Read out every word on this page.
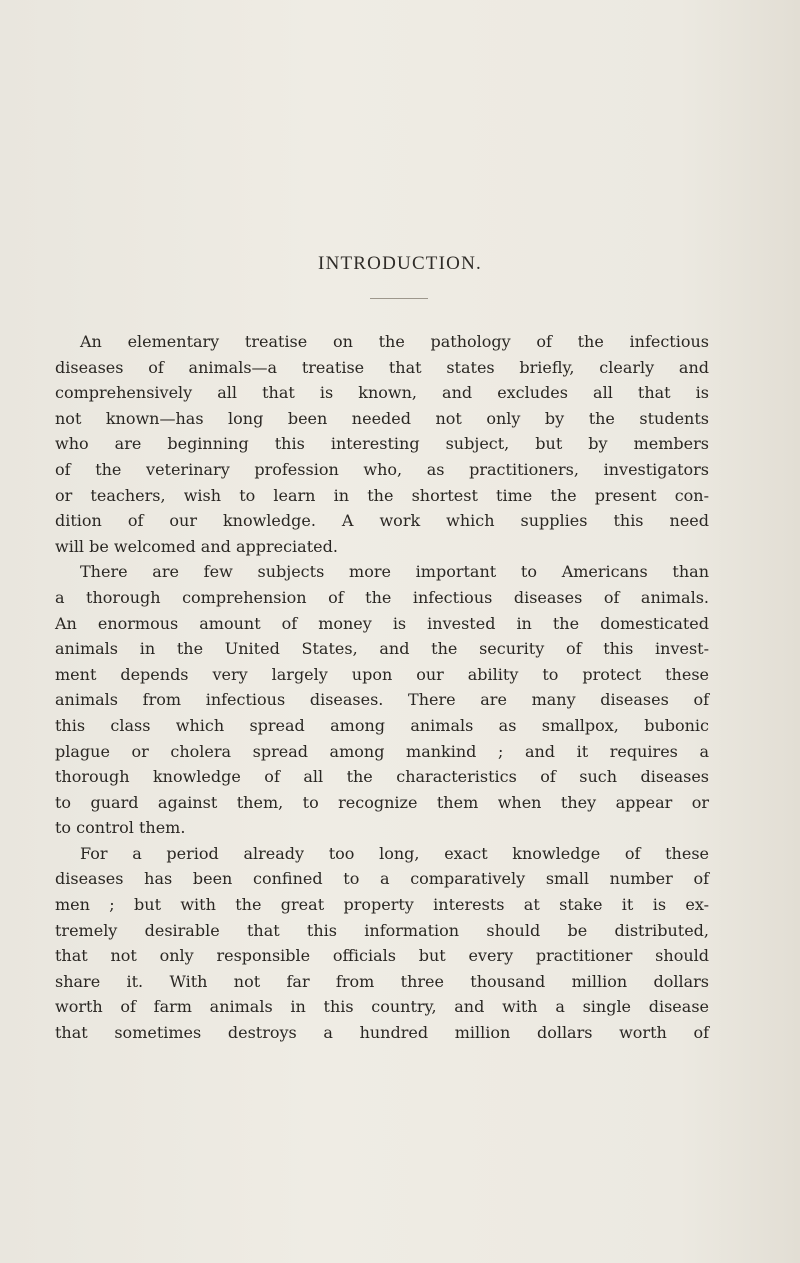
INTRODUCTION.
An elementary treatise on the pathology of the infectious
diseases of animals—a treatise that states briefly, clearly and
comprehensively all that is known, and excludes all that is
not known—has long been needed not only by the students
who are beginning this interesting subject, but by members
of the veterinary profession who, as practitioners, investigators
or teachers, wish to learn in the shortest time the present con-
dition of our knowledge. A work which supplies this need
will be welcomed and appreciated.
There are few subjects more important to Americans than
a thorough comprehension of the infectious diseases of animals.
An enormous amount of money is invested in the domesticated
animals in the United States, and the security of this invest-
ment depends very largely upon our ability to protect these
animals from infectious diseases. There are many diseases of
this class which spread among animals as smallpox, bubonic
plague or cholera spread among mankind ; and it requires a
thorough knowledge of all the characteristics of such diseases
to guard against them, to recognize them when they appear or
to control them.
For a period already too long, exact knowledge of these
diseases has been confined to a comparatively small number of
men ; but with the great property interests at stake it is ex-
tremely desirable that this information should be distributed,
that not only responsible officials but every practitioner should
share it. With not far from three thousand million dollars
worth of farm animals in this country, and with a single disease
that sometimes destroys a hundred million dollars worth of
